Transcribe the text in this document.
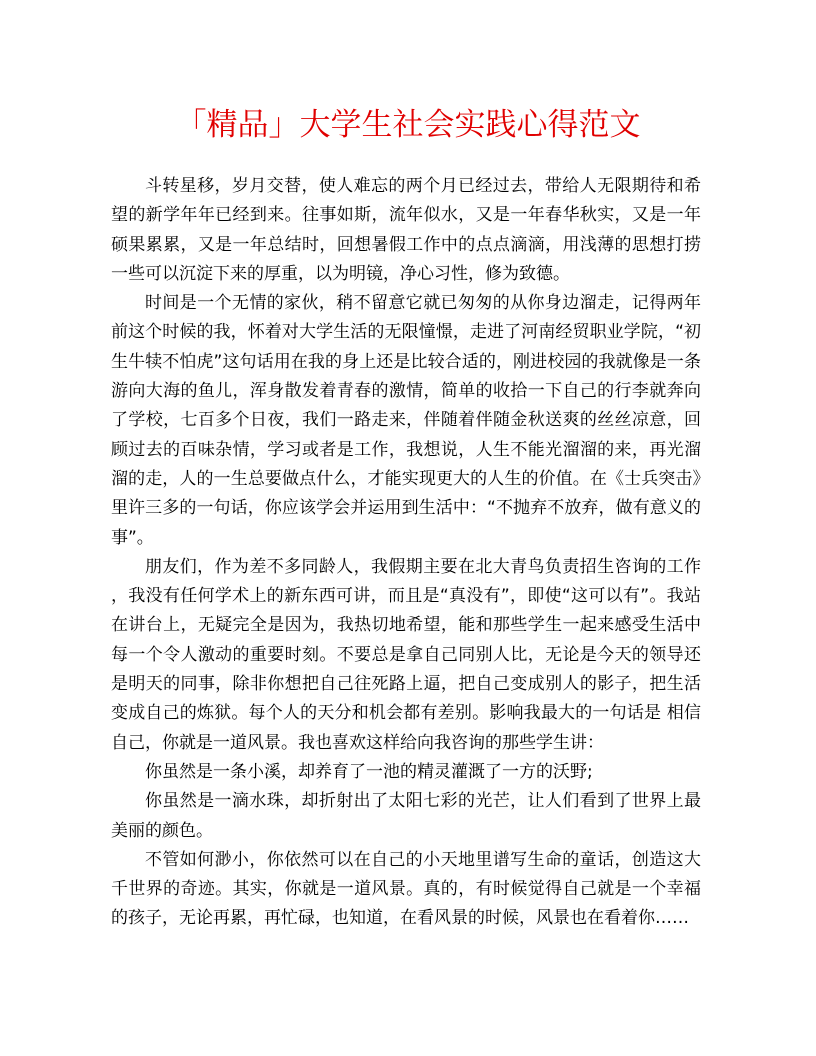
「精品」大学生社会实践心得范文

斗转星移，岁月交替，使人难忘的两个月已经过去，带给人无限期待和希望的新学年年已经到来。往事如斯，流年似水，又是一年春华秋实，又是一年硕果累累，又是一年总结时，回想暑假工作中的点点滴滴，用浅薄的思想打捞一些可以沉淀下来的厚重，以为明镜，净心习性，修为致德。

时间是一个无情的家伙，稍不留意它就已匆匆的从你身边溜走，记得两年前这个时候的我，怀着对大学生活的无限憧憬，走进了河南经贸职业学院，“初生牛犊不怕虎”这句话用在我的身上还是比较合适的，刚进校园的我就像是一条游向大海的鱼儿，浑身散发着青春的激情，简单的收拾一下自己的行李就奔向了学校，七百多个日夜，我们一路走来，伴随着伴随金秋送爽的丝丝凉意，回顾过去的百味杂情，学习或者是工作，我想说，人生不能光溜溜的来，再光溜溜的走，人的一生总要做点什么，才能实现更大的人生的价值。在《士兵突击》里许三多的一句话，你应该学会并运用到生活中：“不抛弃不放弃，做有意义的事”。

朋友们，作为差不多同龄人，我假期主要在北大青鸟负责招生咨询的工作，我没有任何学术上的新东西可讲，而且是“真没有”，即使“这可以有”。我站在讲台上，无疑完全是因为，我热切地希望，能和那些学生一起来感受生活中每一个令人激动的重要时刻。不要总是拿自己同别人比，无论是今天的领导还是明天的同事，除非你想把自己往死路上逼，把自己变成别人的影子，把生活变成自己的炼狱。每个人的天分和机会都有差别。影响我最大的一句话是 相信自己，你就是一道风景。我也喜欢这样给向我咨询的那些学生讲：

你虽然是一条小溪，却养育了一池的精灵灌溉了一方的沃野;

你虽然是一滴水珠，却折射出了太阳七彩的光芒，让人们看到了世界上最美丽的颜色。

不管如何渺小，你依然可以在自己的小天地里谱写生命的童话，创造这大千世界的奇迹。其实，你就是一道风景。真的，有时候觉得自己就是一个幸福的孩子，无论再累，再忙碌，也知道，在看风景的时候，风景也在看着你……
